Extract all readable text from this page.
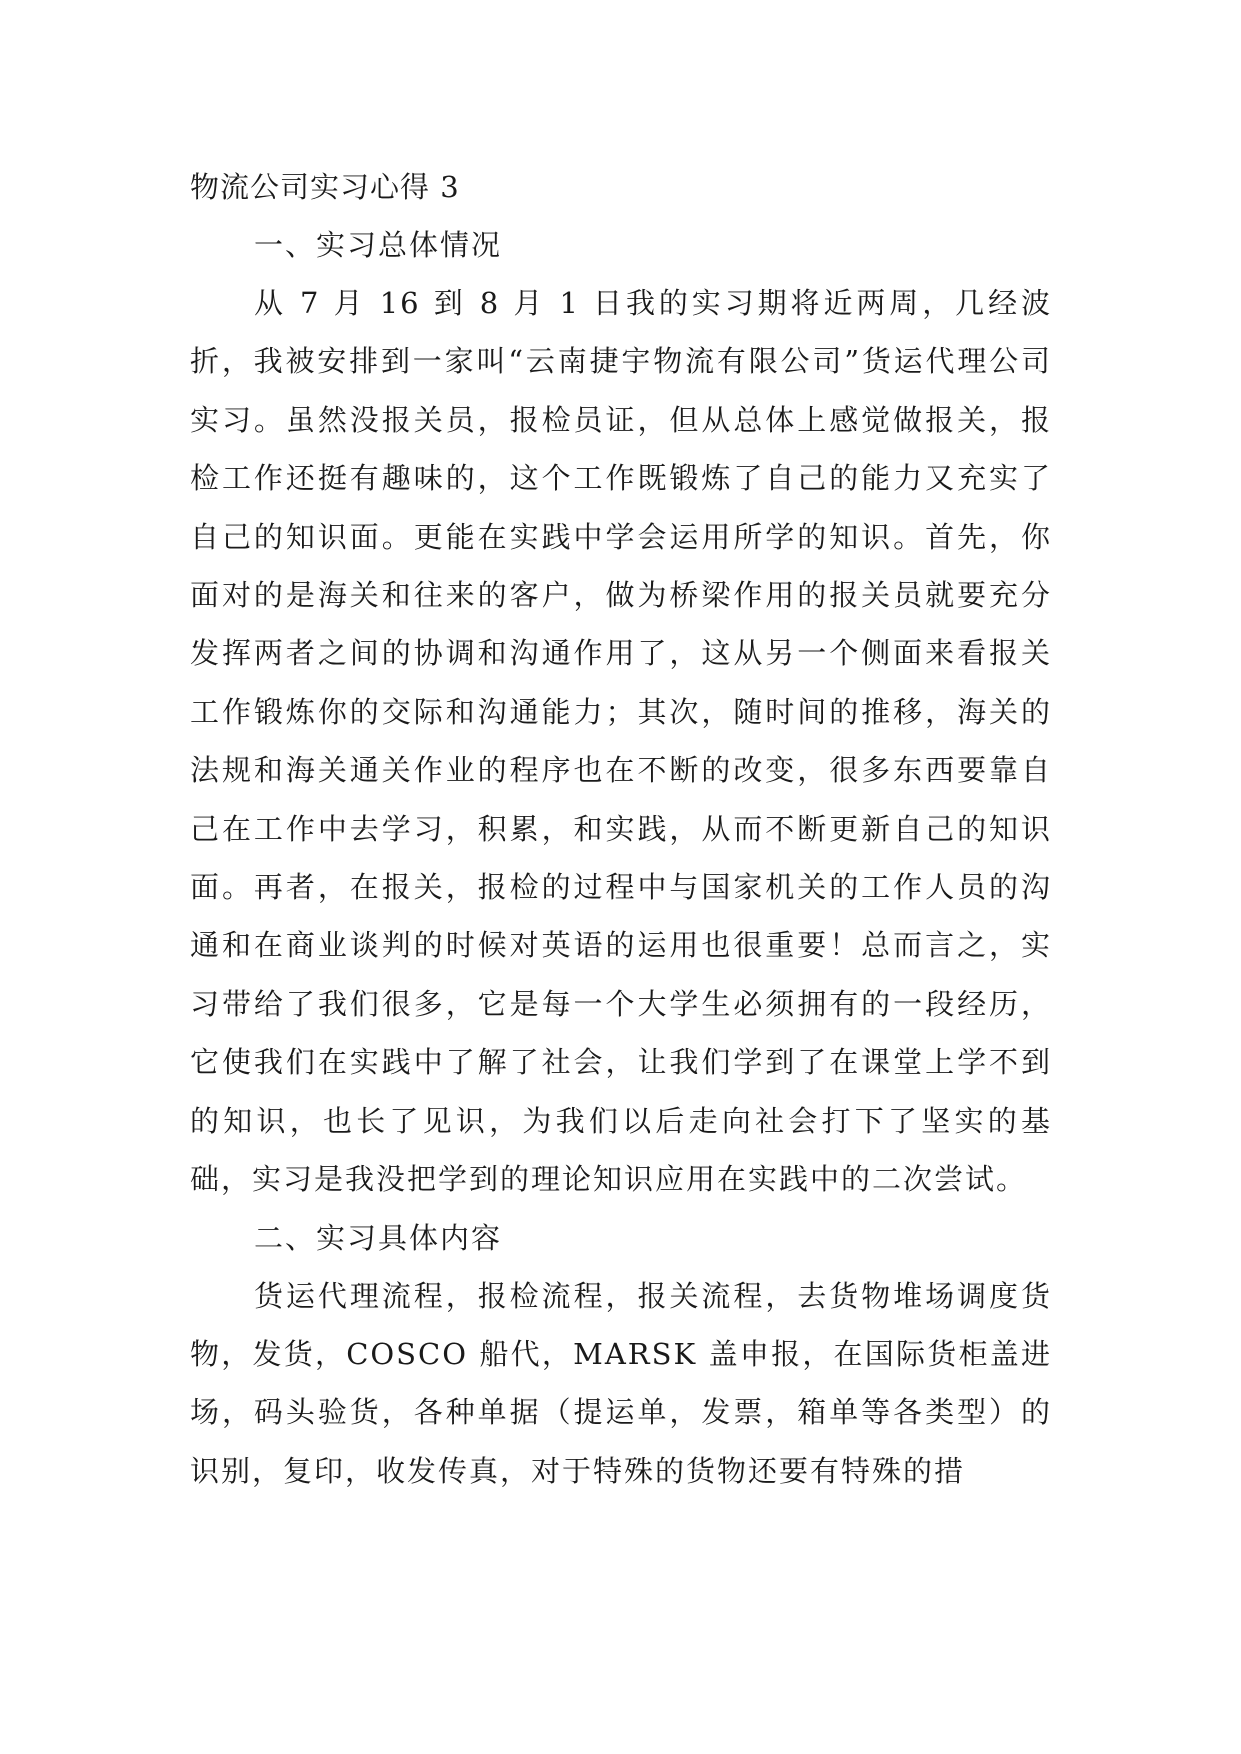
物流公司实习心得 3
一、实习总体情况

从 7 月 16 到 8 月 1 日我的实习期将近两周，几经波折，我被安排到一家叫“云南捷宇物流有限公司”货运代理公司实习。虽然没报关员，报检员证，但从总体上感觉做报关，报检工作还挺有趣味的，这个工作既锻炼了自己的能力又充实了自己的知识面。更能在实践中学会运用所学的知识。首先，你面对的是海关和往来的客户，做为桥梁作用的报关员就要充分发挥两者之间的协调和沟通作用了，这从另一个侧面来看报关工作锻炼你的交际和沟通能力；其次，随时间的推移，海关的法规和海关通关作业的程序也在不断的改变，很多东西要靠自己在工作中去学习，积累，和实践，从而不断更新自己的知识面。再者，在报关，报检的过程中与国家机关的工作人员的沟通和在商业谈判的时候对英语的运用也很重要！总而言之，实习带给了我们很多，它是每一个大学生必须拥有的一段经历，它使我们在实践中了解了社会，让我们学到了在课堂上学不到的知识，也长了见识，为我们以后走向社会打下了坚实的基础，实习是我没把学到的理论知识应用在实践中的二次尝试。

二、实习具体内容

货运代理流程，报检流程，报关流程，去货物堆场调度货物，发货，COSCO 船代，MARSK 盖申报，在国际货柜盖进场，码头验货，各种单据（提运单，发票，箱单等各类型）的识别，复印，收发传真，对于特殊的货物还要有特殊的措
